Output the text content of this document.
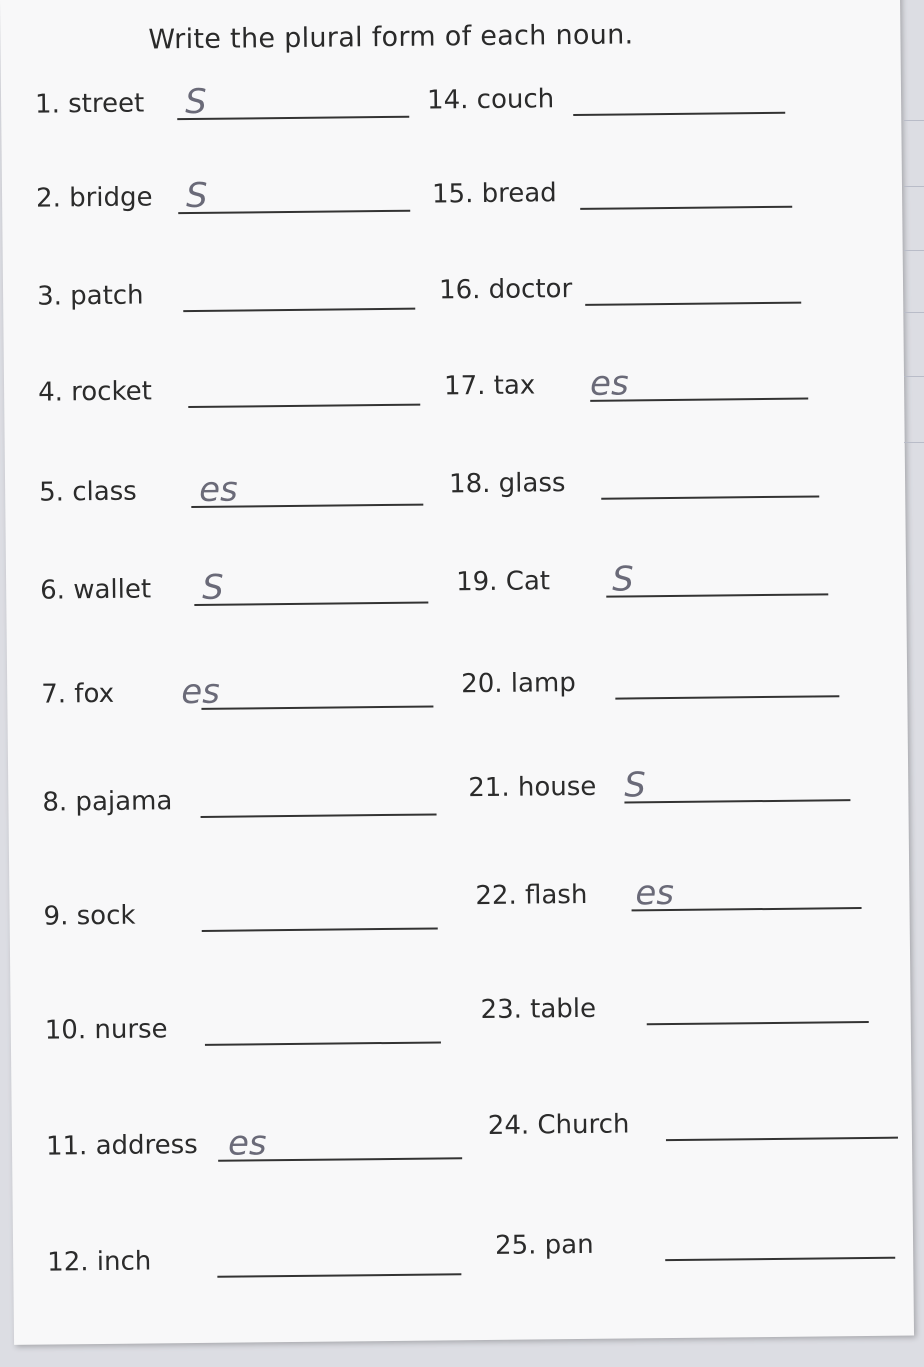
Write the plural form of each noun.
1. street S
2. bridge S
3. patch
4. rocket
5. class es
6. wallet S
7. fox es
8. pajama
9. sock
10. nurse
11. address es
12. inch
14. couch
15. bread
16. doctor
17. tax es
18. glass
19. Cat S
20. lamp
21. house S
22. flash es
23. table
24. Church
25. pan
